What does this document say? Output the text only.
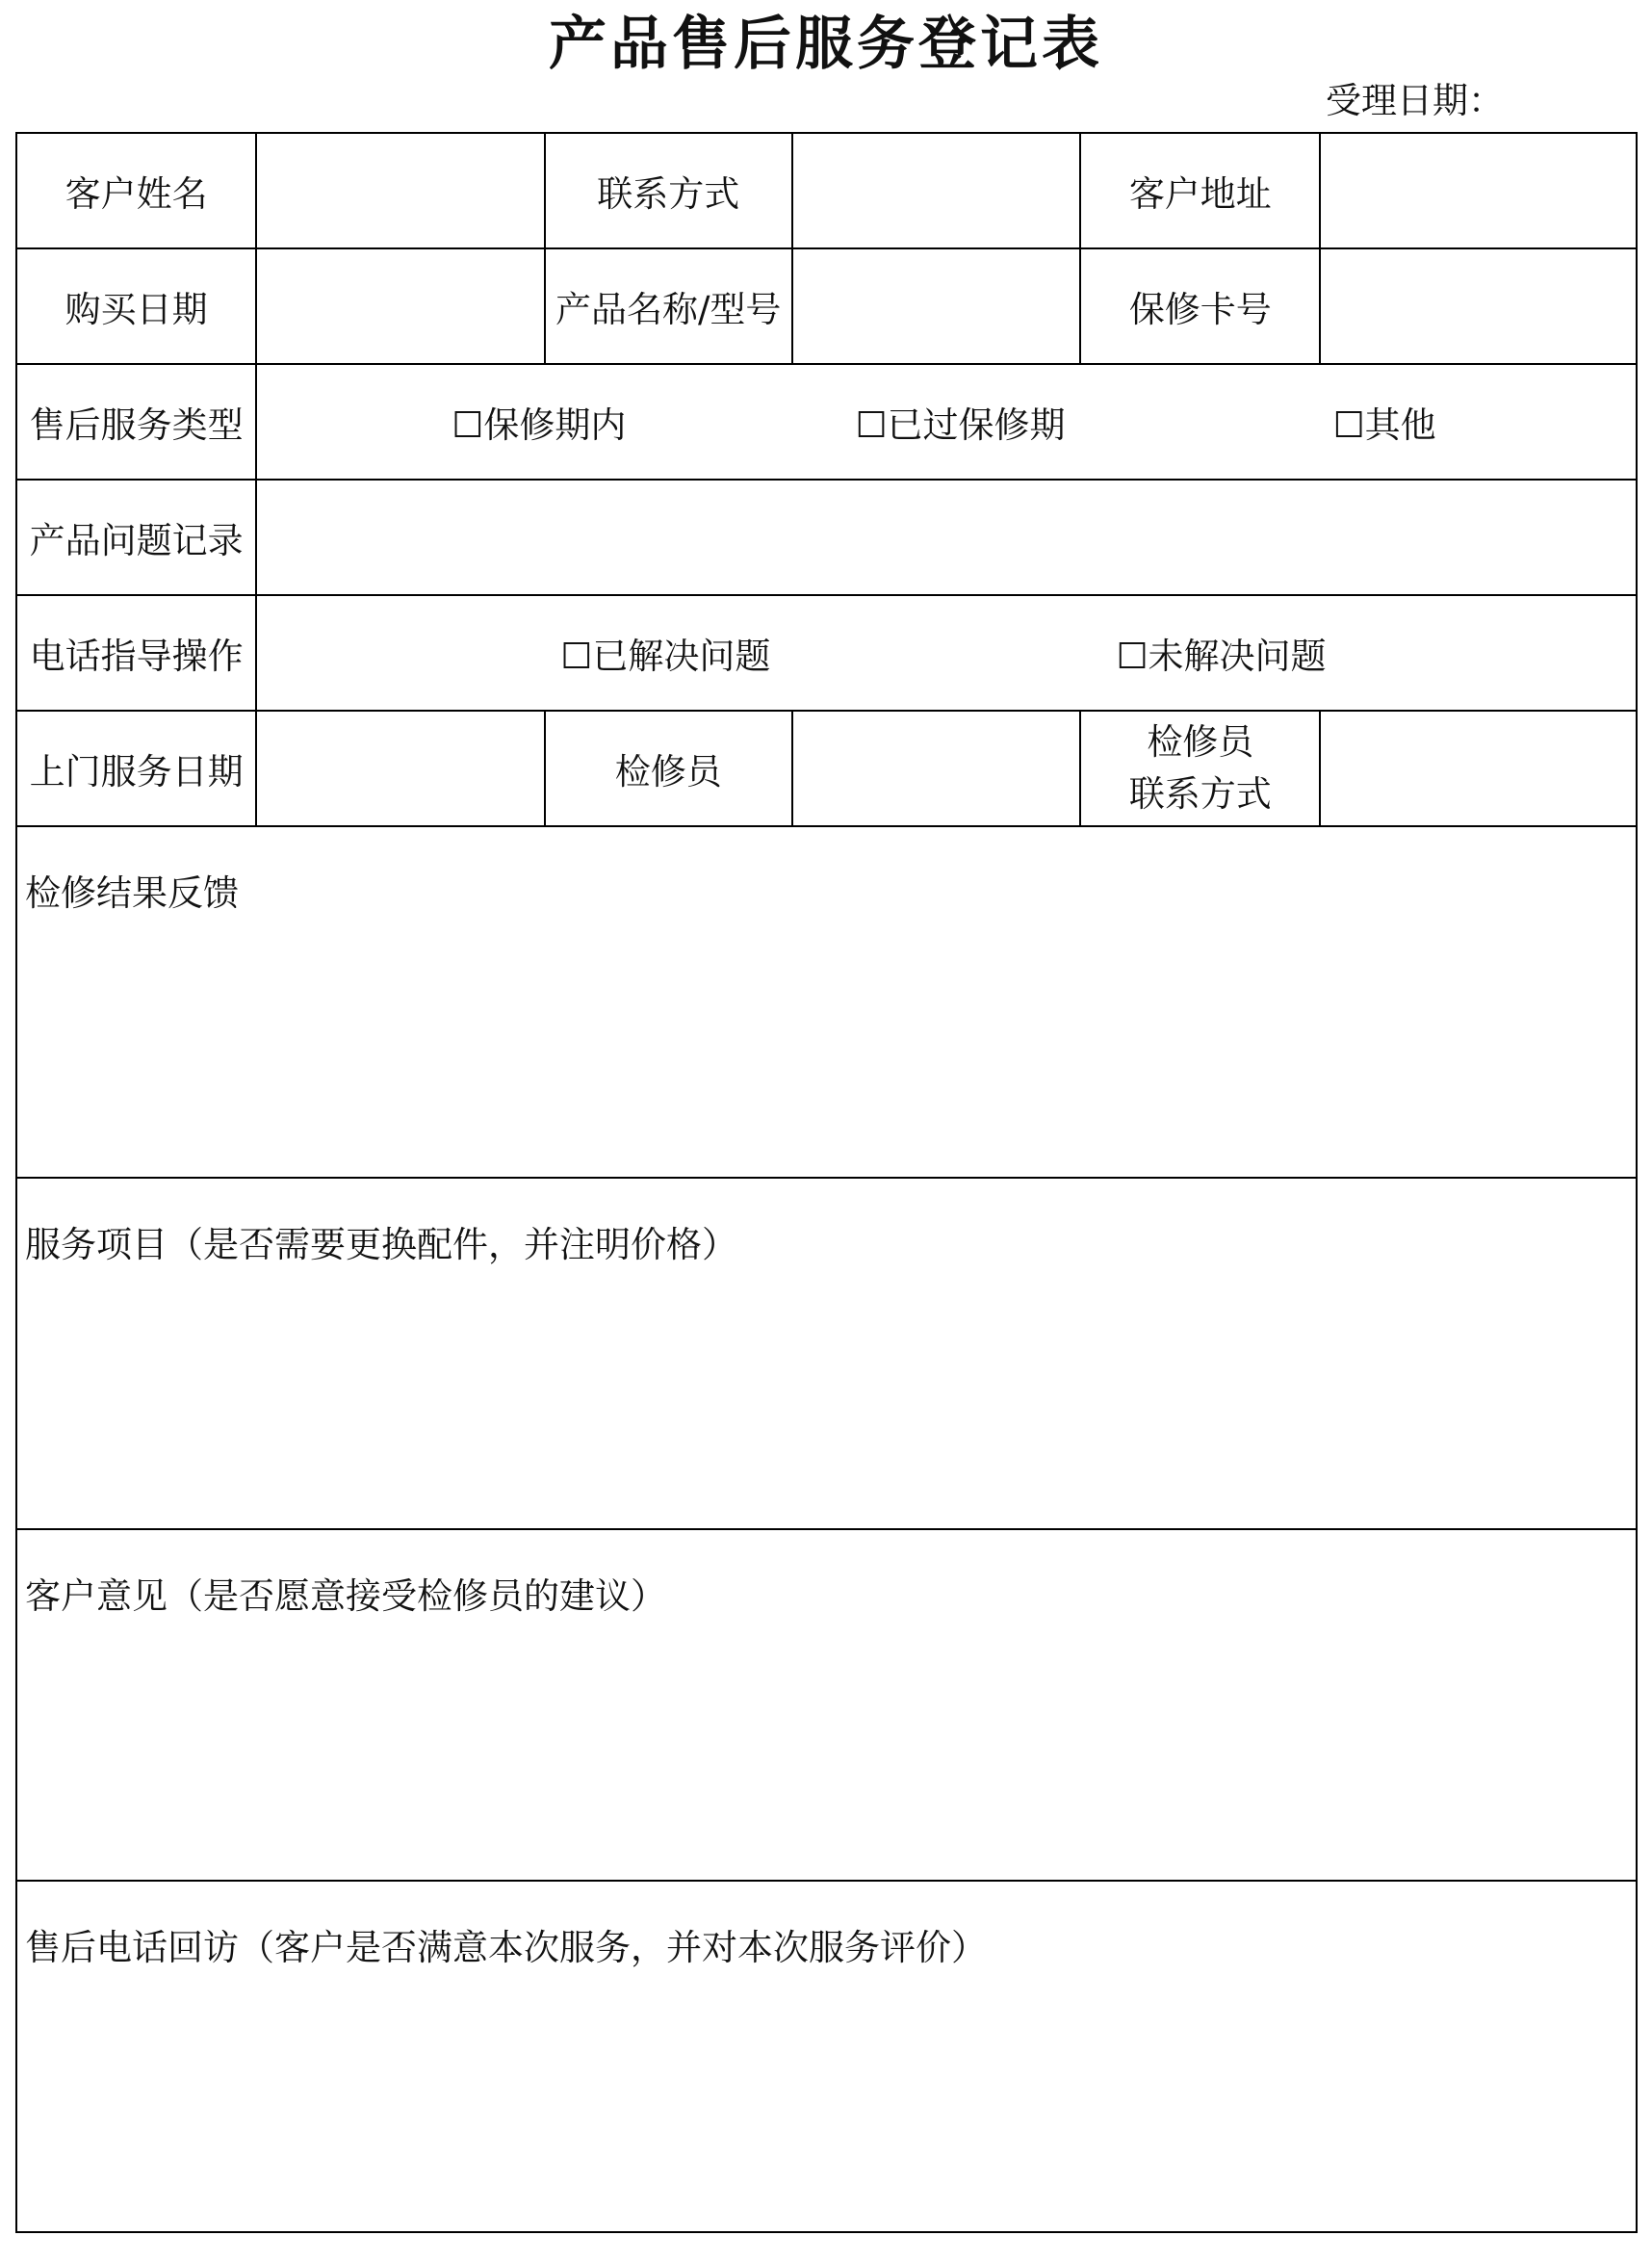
产品售后服务登记表
受理日期：
客户姓名		联系方式		客户地址	
购买日期		产品名称/型号		保修卡号	
售后服务类型	☐保修期内 ☐已过保修期 ☐其他				

产品问题记录					
电话指导操作	☐已解决问题 ☐未解决问题				

上门服务日期		检修员		检修员
联系方式	

检修结果反馈					

服务项目（是否需要更换配件，并注明价格）					

客户意见（是否愿意接受检修员的建议）					

售后电话回访（客户是否满意本次服务，并对本次服务评价）					
